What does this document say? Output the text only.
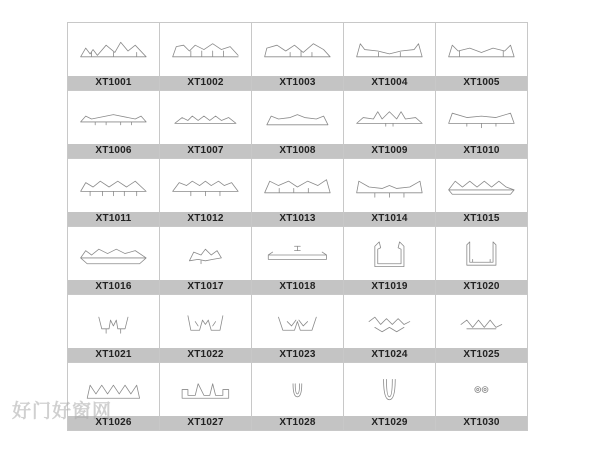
XT1001	XT1002	XT1003	XT1004	XT1005
XT1006	XT1007	XT1008	XT1009	XT1010
XT1011	XT1012	XT1013	XT1014	XT1015
XT1016	XT1017	XT1018	XT1019	XT1020
XT1021	XT1022	XT1023	XT1024	XT1025
XT1026	XT1027	XT1028	XT1029	XT1030
好门好窗网
